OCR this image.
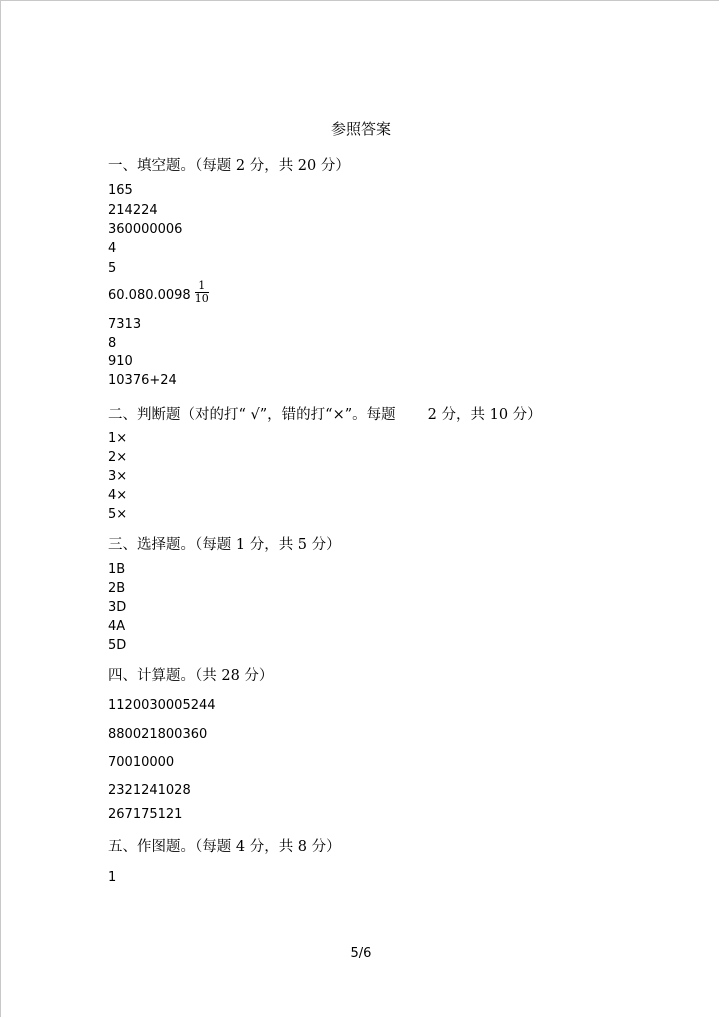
参照答案
一、填空题。（每题 2 分，共 20 分）
165
214224
360000006
4
5
$60.080.0098 \frac{1}{10}$
7313
8
910
10376+24
二、判断题（对的打“ √”，错的打“×”。每题 2 分，共 10 分）
1×
2×
3×
4×
5×
三、选择题。（每题 1 分，共 5 分）
1B
2B
3D
4A
5D
四、计算题。（共 28 分）
1120030005244
880021800360
70010000
2321241028
267175121
五、作图题。（每题 4 分，共 8 分）
1
5/6
